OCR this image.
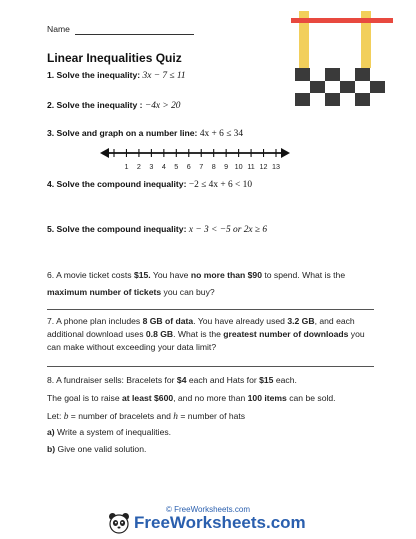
Name
Linear Inequalities Quiz
1. Solve the inequality: 3x − 7 ≤ 11
2. Solve the inequality : −4x > 20
3. Solve and graph on a number line: 4x + 6 ≤ 34
1 2 3 4 5 6 7 8 9 10 11 12 13
4. Solve the compound inequality: −2 ≤ 4x + 6 < 10
5. Solve the compound inequality: x − 3 < −5 or 2x ≥ 6
6. A movie ticket costs $15. You have no more than $90 to spend. What is the
maximum number of tickets you can buy?
7. A phone plan includes 8 GB of data. You have already used 3.2 GB, and each
additional download uses 0.8 GB. What is the greatest number of downloads you
can make without exceeding your data limit?
8. A fundraiser sells: Bracelets for $4 each and Hats for $15 each.
The goal is to raise at least $600, and no more than 100 items can be sold.
Let: b = number of bracelets and h = number of hats
a) Write a system of inequalities.
b) Give one valid solution.
© FreeWorksheets.com
FreeWorksheets.com
